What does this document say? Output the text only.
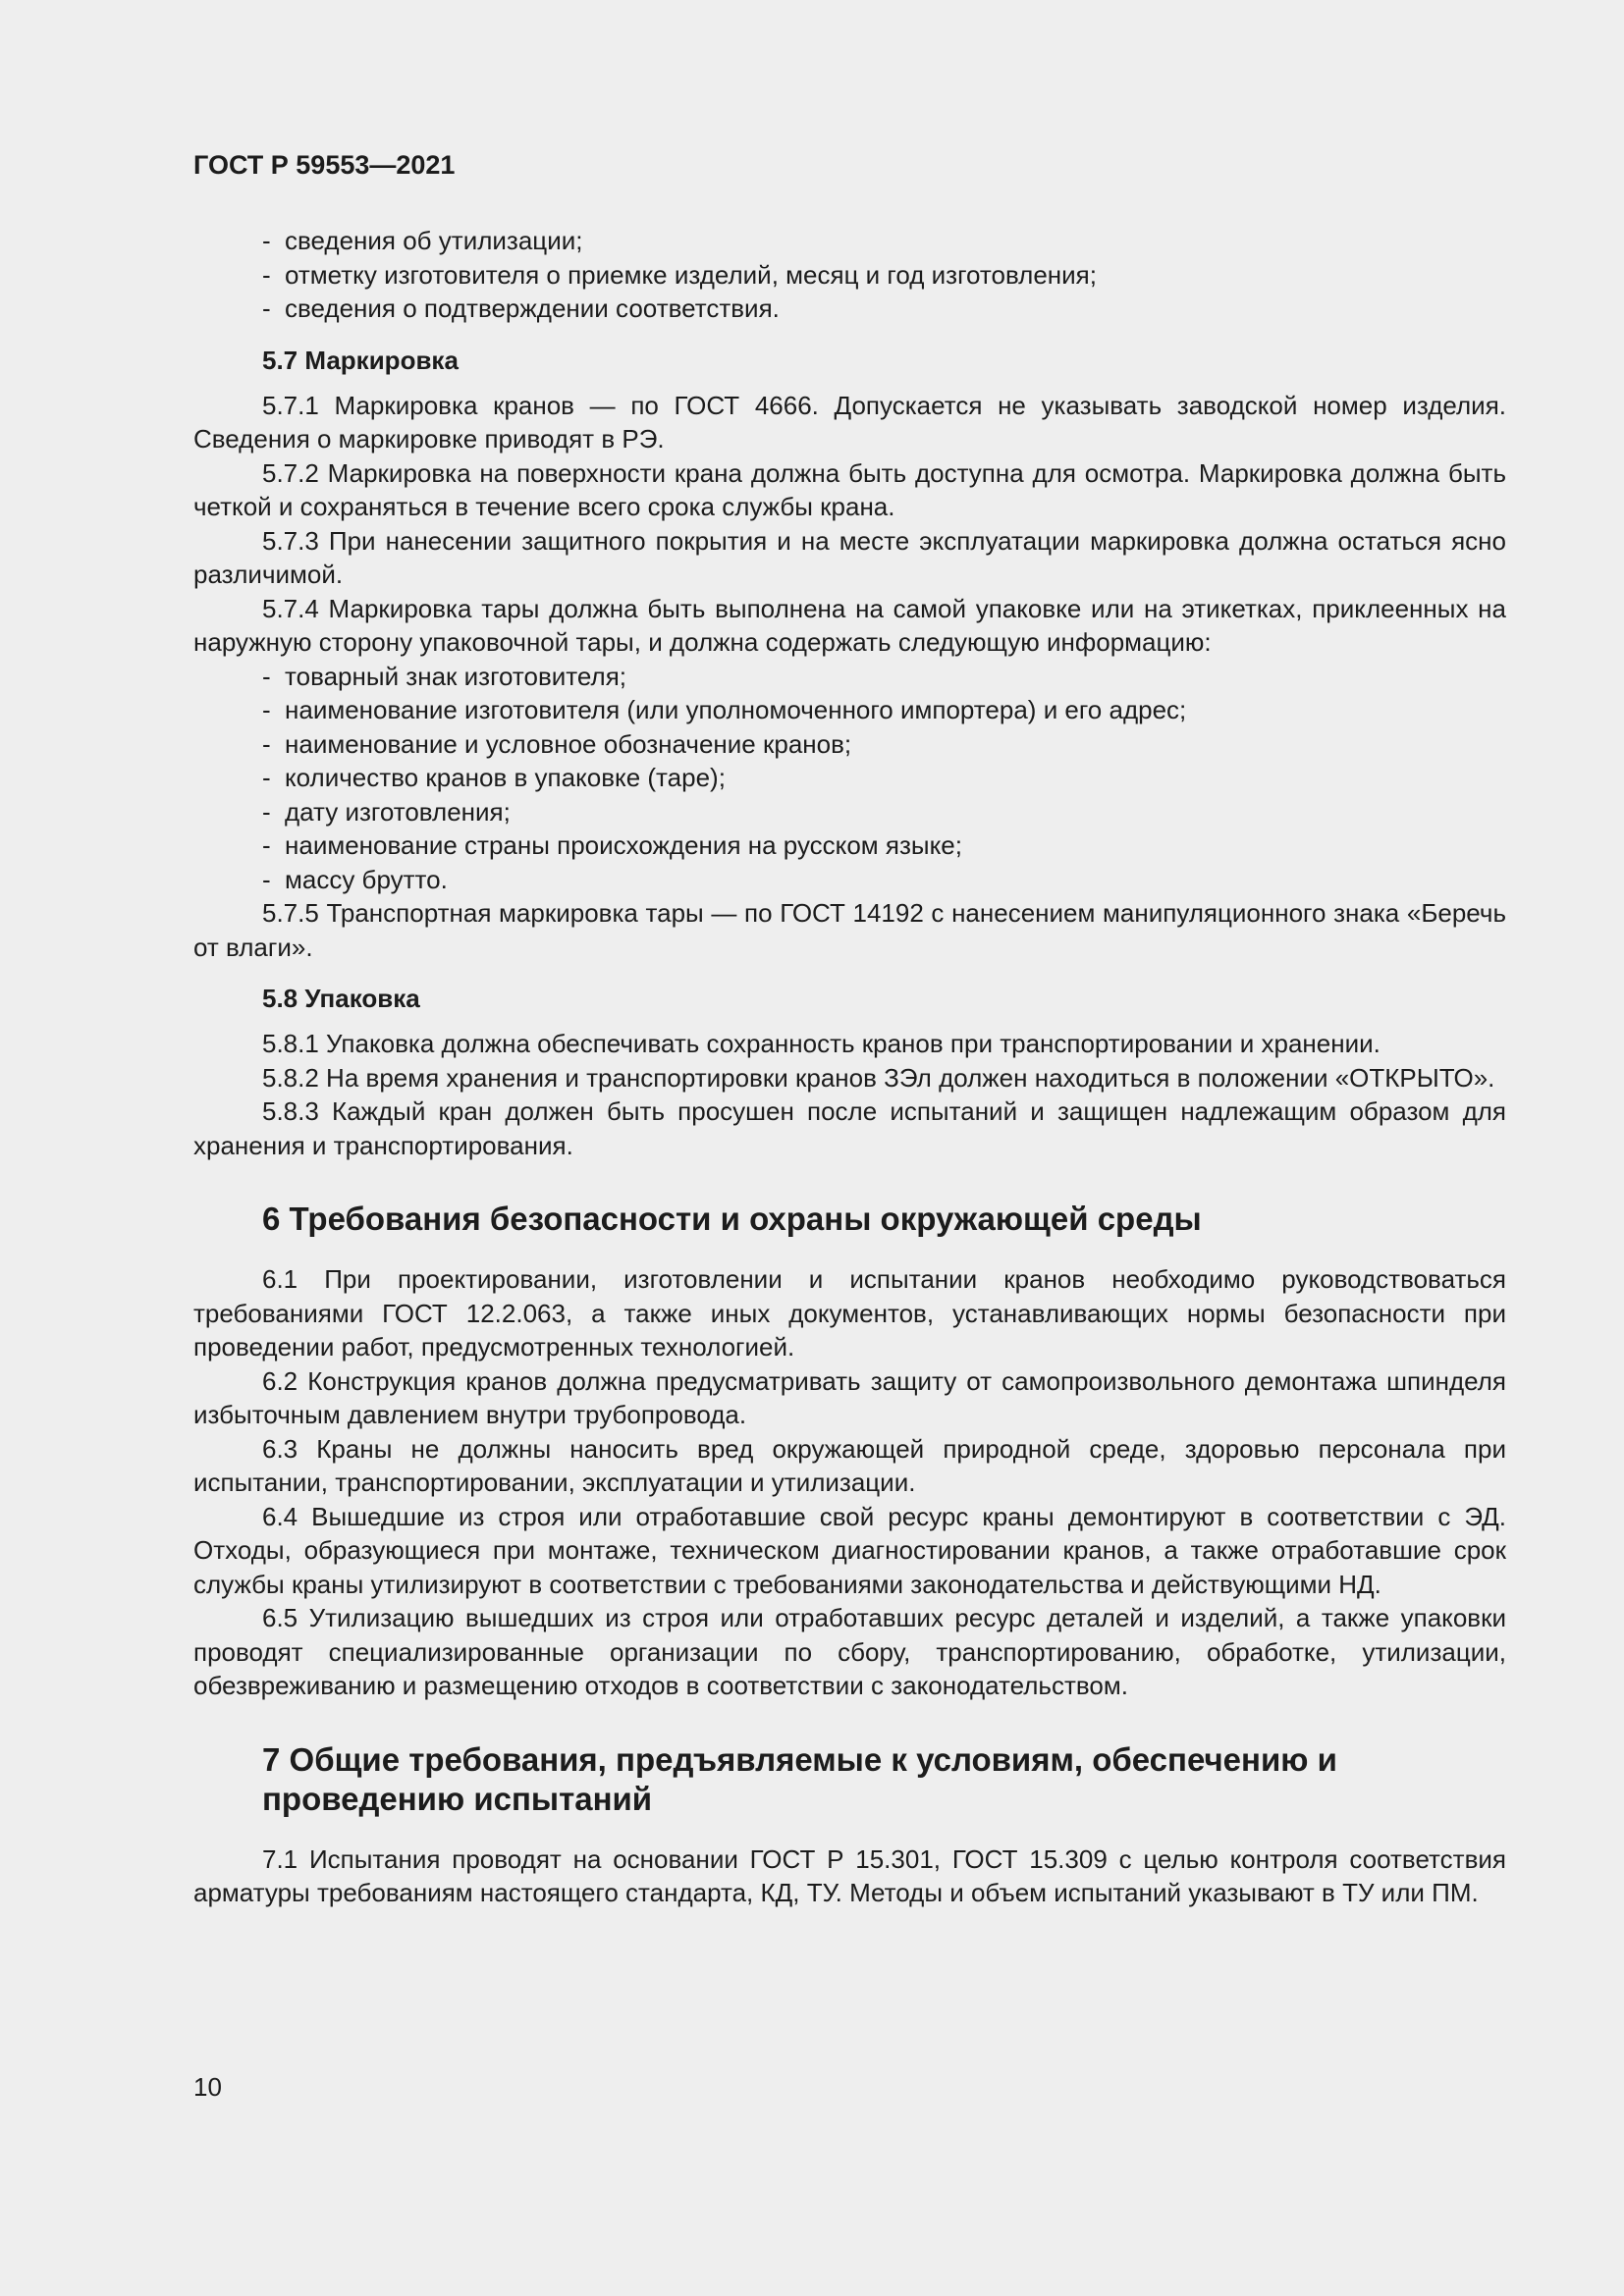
ГОСТ Р 59553—2021

- сведения об утилизации;

- отметку изготовителя о приемке изделий, месяц и год изготовления;

- сведения о подтверждении соответствия.

5.7 Маркировка

5.7.1 Маркировка кранов — по ГОСТ 4666. Допускается не указывать заводской номер изделия. Сведения о маркировке приводят в РЭ.

5.7.2 Маркировка на поверхности крана должна быть доступна для осмотра. Маркировка должна быть четкой и сохраняться в течение всего срока службы крана.

5.7.3 При нанесении защитного покрытия и на месте эксплуатации маркировка должна остаться ясно различимой.

5.7.4 Маркировка тары должна быть выполнена на самой упаковке или на этикетках, приклеенных на наружную сторону упаковочной тары, и должна содержать следующую информацию:

- товарный знак изготовителя;

- наименование изготовителя (или уполномоченного импортера) и его адрес;

- наименование и условное обозначение кранов;

- количество кранов в упаковке (таре);

- дату изготовления;

- наименование страны происхождения на русском языке;

- массу брутто.

5.7.5 Транспортная маркировка тары — по ГОСТ 14192 с нанесением манипуляционного знака «Беречь от влаги».

5.8 Упаковка

5.8.1 Упаковка должна обеспечивать сохранность кранов при транспортировании и хранении.

5.8.2 На время хранения и транспортировки кранов ЗЭл должен находиться в положении «ОТКРЫТО».

5.8.3 Каждый кран должен быть просушен после испытаний и защищен надлежащим образом для хранения и транспортирования.

6 Требования безопасности и охраны окружающей среды

6.1 При проектировании, изготовлении и испытании кранов необходимо руководствоваться требованиями ГОСТ 12.2.063, а также иных документов, устанавливающих нормы безопасности при проведении работ, предусмотренных технологией.

6.2 Конструкция кранов должна предусматривать защиту от самопроизвольного демонтажа шпинделя избыточным давлением внутри трубопровода.

6.3 Краны не должны наносить вред окружающей природной среде, здоровью персонала при испытании, транспортировании, эксплуатации и утилизации.

6.4 Вышедшие из строя или отработавшие свой ресурс краны демонтируют в соответствии с ЭД. Отходы, образующиеся при монтаже, техническом диагностировании кранов, а также отработавшие срок службы краны утилизируют в соответствии с требованиями законодательства и действующими НД.

6.5 Утилизацию вышедших из строя или отработавших ресурс деталей и изделий, а также упаковки проводят специализированные организации по сбору, транспортированию, обработке, утилизации, обезвреживанию и размещению отходов в соответствии с законодательством.

7 Общие требования, предъявляемые к условиям, обеспечению и проведению испытаний

7.1 Испытания проводят на основании ГОСТ Р 15.301, ГОСТ 15.309 с целью контроля соответствия арматуры требованиям настоящего стандарта, КД, ТУ. Методы и объем испытаний указывают в ТУ или ПМ.

10
